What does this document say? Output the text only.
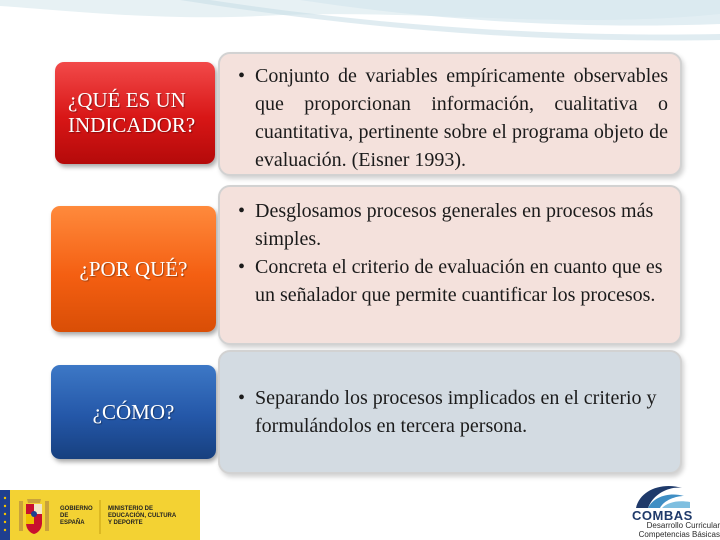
¿QUÉ ES UN INDICADOR?
• Conjunto de variables empíricamente observables que proporcionan información, cualitativa o cuantitativa, pertinente sobre el programa objeto de evaluación. (Eisner 1993).
¿POR QUÉ?
• Desglosamos procesos generales en procesos más simples.
• Concreta el criterio de evaluación en cuanto que es un señalador que permite cuantificar los procesos.
¿CÓMO?
• Separando los procesos implicados en el criterio y formulándolos en tercera persona.
GOBIERNO DE ESPAÑA
MINISTERIO DE EDUCACIÓN, CULTURA Y DEPORTE	COMBAS
Desarrollo Curricular
Competencias Básicas
